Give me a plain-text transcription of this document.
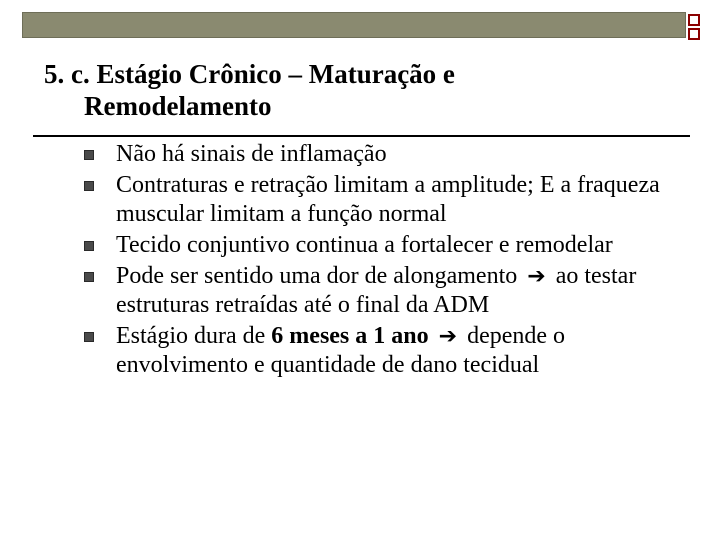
5. c. Estágio Crônico – Maturação e
Remodelamento
Não há sinais de inflamação
Contraturas e retração limitam a amplitude; E a fraqueza muscular limitam a função normal
Tecido conjuntivo continua a fortalecer e remodelar
Pode ser sentido uma dor de alongamento ➔ ao testar estruturas retraídas até o final da ADM
Estágio dura de 6 meses a 1 ano ➔ depende o envolvimento e quantidade de dano tecidual
